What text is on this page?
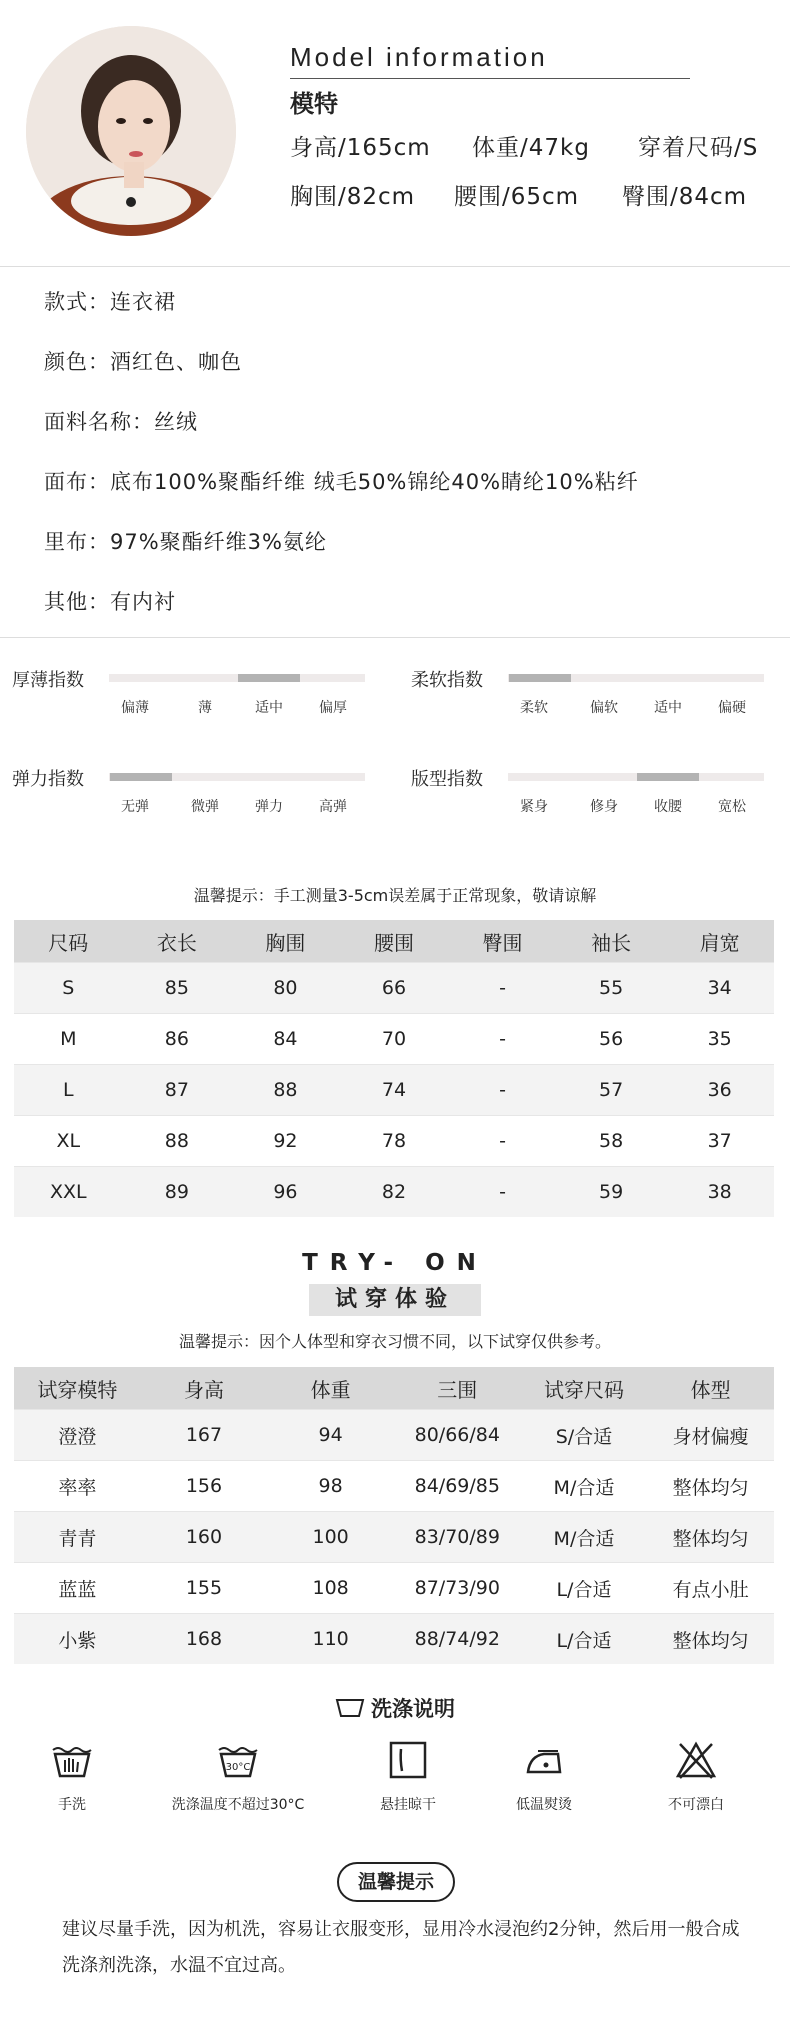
Model information
模特
身高/165cm 体重/47kg 穿着尺码/S
胸围/82cm 腰围/65cm 臀围/84cm
款式：连衣裙
颜色：酒红色、咖色
面料名称：丝绒
面布：底布100%聚酯纤维 绒毛50%锦纶40%睛纶10%粘纤
里布：97%聚酯纤维3%氨纶
其他：有内衬
厚薄指数
偏薄	薄	适中	偏厚
柔软指数
柔软	偏软	适中	偏硬
弹力指数
无弹	微弹	弹力	高弹
版型指数
紧身	修身	收腰	宽松
温馨提示：手工测量3-5cm误差属于正常现象，敬请谅解
尺码	衣长	胸围	腰围	臀围	袖长	肩宽
S	85	80	66	-	55	34
M	86	84	70	-	56	35
L	87	88	74	-	57	36
XL	88	92	78	-	58	37
XXL	89	96	82	-	59	38
TRY- ON
试穿体验
温馨提示：因个人体型和穿衣习惯不同，以下试穿仅供参考。
试穿模特	身高	体重	三围	试穿尺码	体型
澄澄	167	94	80/66/84	S/合适	身材偏瘦
率率	156	98	84/69/85	M/合适	整体均匀
青青	160	100	83/70/89	M/合适	整体均匀
蓝蓝	155	108	87/73/90	L/合适	有点小肚
小紫	168	110	88/74/92	L/合适	整体均匀
洗涤说明
手洗
30°C
洗涤温度不超过30°C	悬挂晾干	低温熨烫	不可漂白
温馨提示
建议尽量手洗，因为机洗，容易让衣服变形，显用冷水浸泡约2分钟，然后用一般合成洗涤剂洗涤，水温不宜过高。
